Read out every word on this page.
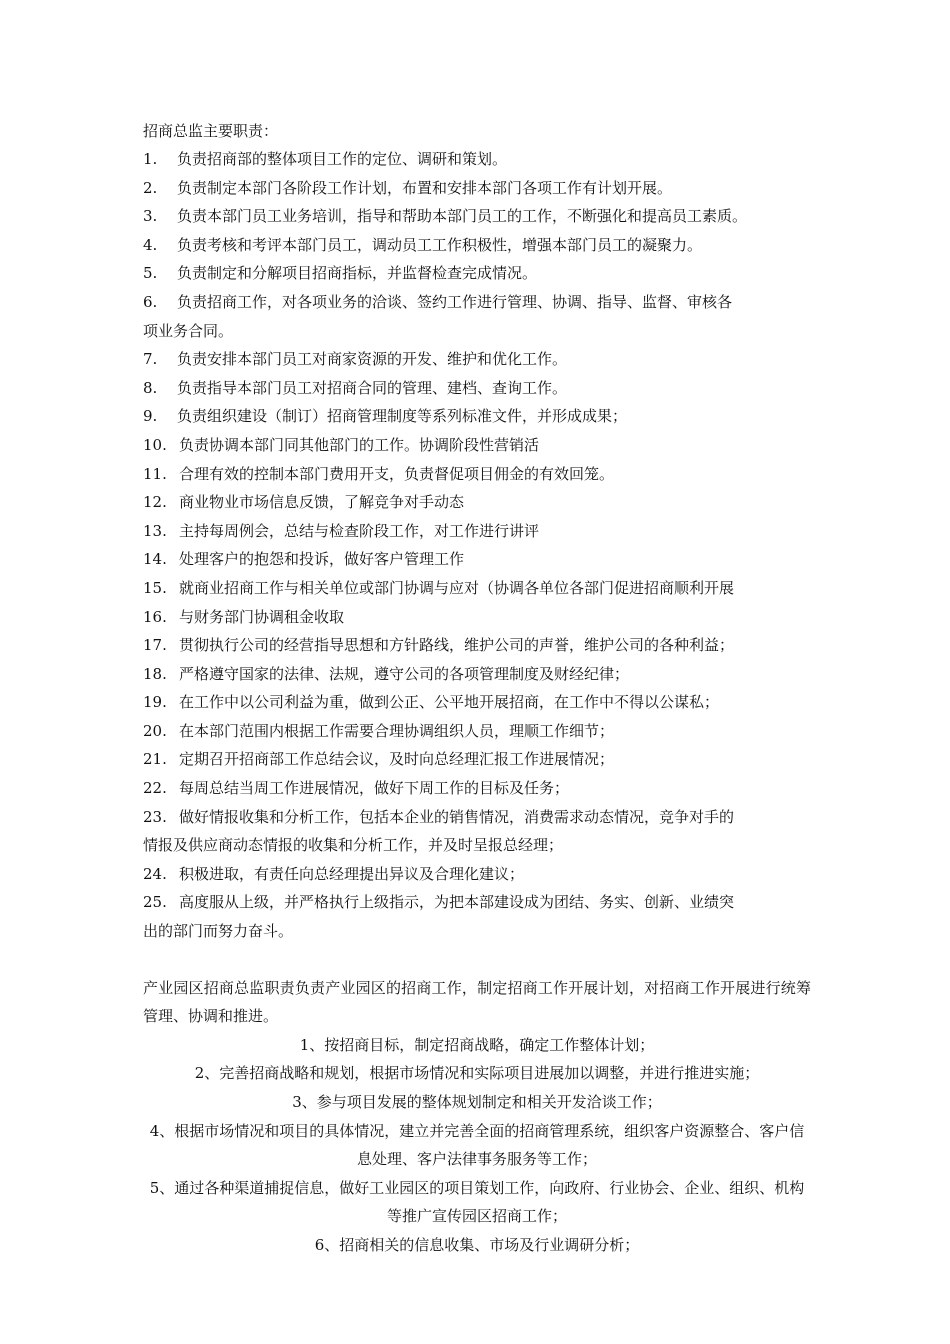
招商总监主要职责：
1. 负责招商部的整体项目工作的定位、调研和策划。
2. 负责制定本部门各阶段工作计划，布置和安排本部门各项工作有计划开展。
3. 负责本部门员工业务培训，指导和帮助本部门员工的工作，不断强化和提高员工素质。
4. 负责考核和考评本部门员工，调动员工工作积极性，增强本部门员工的凝聚力。
5. 负责制定和分解项目招商指标，并监督检查完成情况。
6. 负责招商工作，对各项业务的洽谈、签约工作进行管理、协调、指导、监督、审核各
项业务合同。
7. 负责安排本部门员工对商家资源的开发、维护和优化工作。
8. 负责指导本部门员工对招商合同的管理、建档、查询工作。
9. 负责组织建设（制订）招商管理制度等系列标准文件，并形成成果；
10. 负责协调本部门同其他部门的工作。协调阶段性营销活
11. 合理有效的控制本部门费用开支，负责督促项目佣金的有效回笼。
12. 商业物业市场信息反馈，了解竞争对手动态
13. 主持每周例会，总结与检查阶段工作，对工作进行讲评
14. 处理客户的抱怨和投诉，做好客户管理工作
15. 就商业招商工作与相关单位或部门协调与应对（协调各单位各部门促进招商顺利开展
16. 与财务部门协调租金收取
17. 贯彻执行公司的经营指导思想和方针路线，维护公司的声誉，维护公司的各种利益；
18. 严格遵守国家的法律、法规，遵守公司的各项管理制度及财经纪律；
19. 在工作中以公司利益为重，做到公正、公平地开展招商，在工作中不得以公谋私；
20. 在本部门范围内根据工作需要合理协调组织人员，理顺工作细节；
21. 定期召开招商部工作总结会议，及时向总经理汇报工作进展情况；
22. 每周总结当周工作进展情况，做好下周工作的目标及任务；
23. 做好情报收集和分析工作，包括本企业的销售情况，消费需求动态情况，竞争对手的
情报及供应商动态情报的收集和分析工作，并及时呈报总经理；
24. 积极进取，有责任向总经理提出异议及合理化建议；
25. 高度服从上级，并严格执行上级指示，为把本部建设成为团结、务实、创新、业绩突
出的部门而努力奋斗。

产业园区招商总监职责负责产业园区的招商工作，制定招商工作开展计划，对招商工作开展进行统筹管理、协调和推进。

1、按招商目标，制定招商战略，确定工作整体计划；
2、完善招商战略和规划，根据市场情况和实际项目进展加以调整，并进行推进实施；
3、参与项目发展的整体规划制定和相关开发洽谈工作；
4、根据市场情况和项目的具体情况，建立并完善全面的招商管理系统，组织客户资源整合、客户信息处理、客户法律事务服务等工作；
5、通过各种渠道捕捉信息，做好工业园区的项目策划工作，向政府、行业协会、企业、组织、机构等推广宣传园区招商工作；
6、招商相关的信息收集、市场及行业调研分析；
